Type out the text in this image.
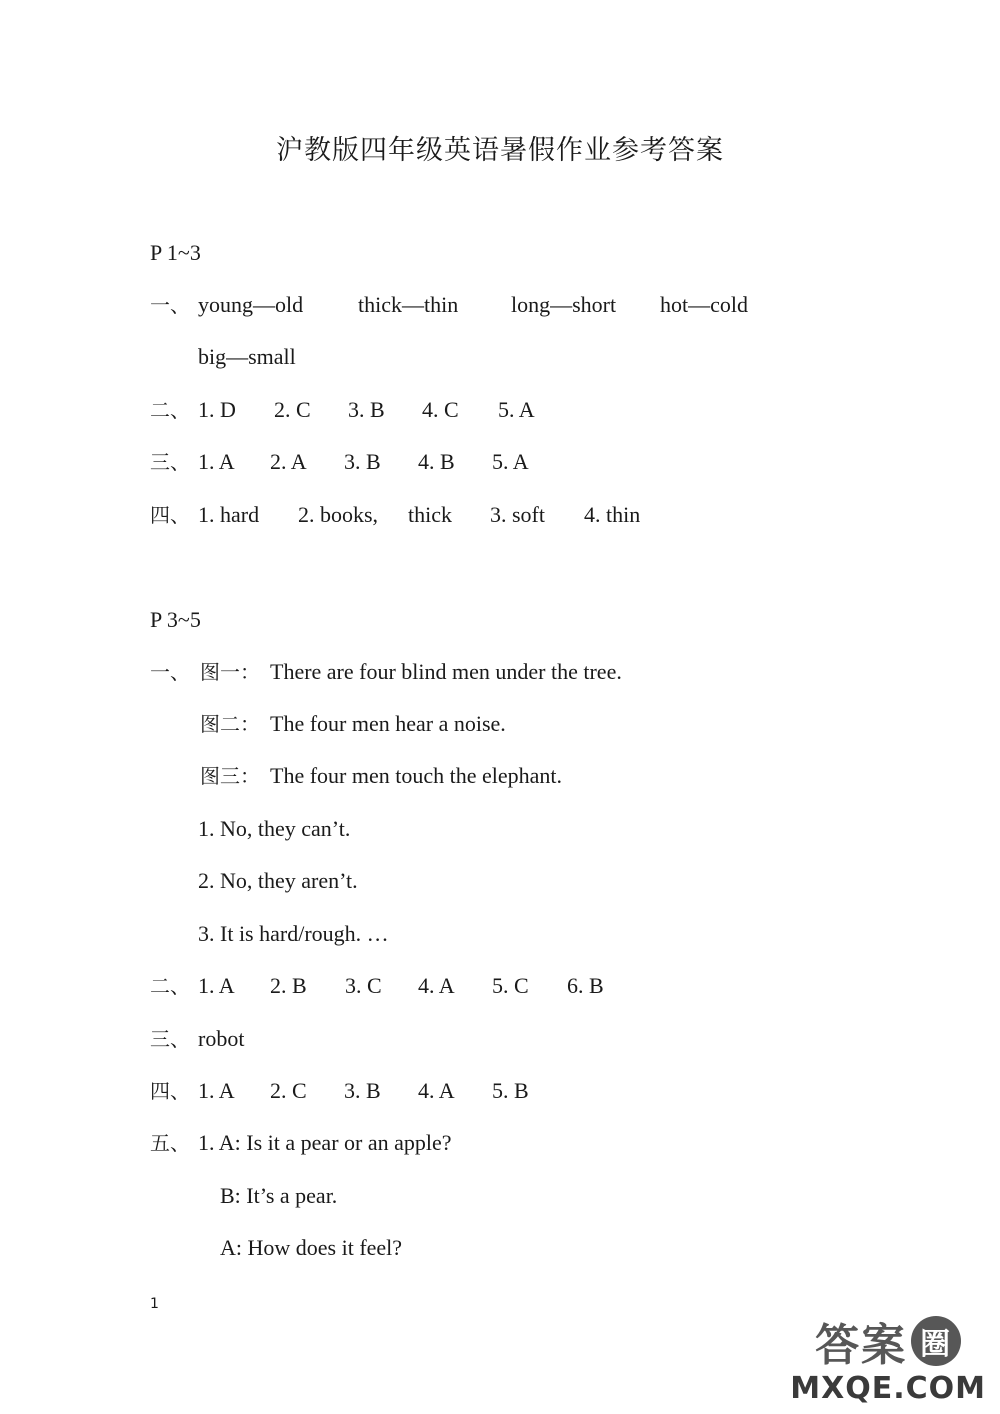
沪教版四年级英语暑假作业参考答案
P 1~3
一、 young—old thick—thin long—short hot—cold
big—small
二、 1. D 2. C 3. B 4. C 5. A
三、 1. A 2. A 3. B 4. B 5. A
四、 1. hard 2. books, thick 3. soft 4. thin
P 3~5
一、 图一： There are four blind men under the tree.
图二： The four men hear a noise.
图三： The four men touch the elephant.
1. No, they can’t.
2. No, they aren’t.
3. It is hard/rough. …
二、 1. A 2. B 3. C 4. A 5. C 6. B
三、 robot
四、 1. A 2. C 3. B 4. A 5. B
五、 1. A: Is it a pear or an apple?
B: It’s a pear.
A: How does it feel?
1
答案 圈
MXQE.COM
